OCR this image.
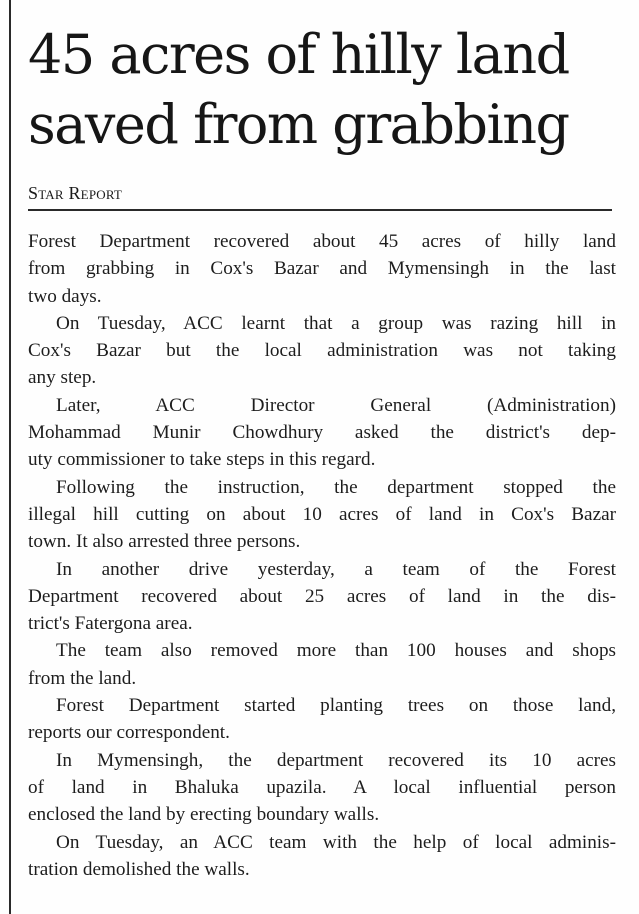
45 acres of hilly land
saved from grabbing
Star Report
Forest Department recovered about 45 acres of hilly land
from grabbing in Cox's Bazar and Mymensingh in the last
two days.
On Tuesday, ACC learnt that a group was razing hill in
Cox's Bazar but the local administration was not taking
any step.
Later, ACC Director General (Administration)
Mohammad Munir Chowdhury asked the district's dep-
uty commissioner to take steps in this regard.
Following the instruction, the department stopped the
illegal hill cutting on about 10 acres of land in Cox's Bazar
town. It also arrested three persons.
In another drive yesterday, a team of the Forest
Department recovered about 25 acres of land in the dis-
trict's Fatergona area.
The team also removed more than 100 houses and shops
from the land.
Forest Department started planting trees on those land,
reports our correspondent.
In Mymensingh, the department recovered its 10 acres
of land in Bhaluka upazila. A local influential person
enclosed the land by erecting boundary walls.
On Tuesday, an ACC team with the help of local adminis-
tration demolished the walls.
